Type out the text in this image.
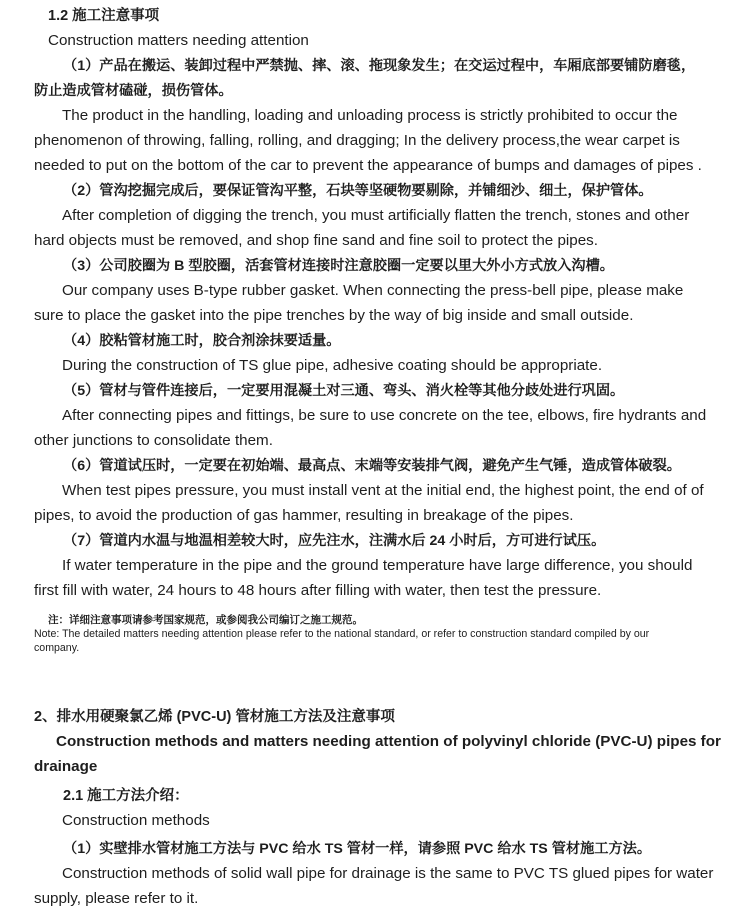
1.2 施工注意事项
Construction matters needing attention
（1）产品在搬运、装卸过程中严禁抛、摔、滚、拖现象发生；在交运过程中，车厢底部要铺防磨毯，
防止造成管材磕碰，损伤管体。
The product in the handling, loading and unloading process is strictly prohibited to occur the
phenomenon of throwing, falling, rolling, and dragging; In the delivery process,the wear carpet is
needed to put on the bottom of the car to prevent the appearance of bumps and damages of pipes .
（2）管沟挖掘完成后，要保证管沟平整，石块等坚硬物要剔除，并铺细沙、细土，保护管体。
After completion of digging the trench, you must artificially flatten the trench, stones and other
hard objects must be removed, and shop fine sand and fine soil to protect the pipes.
（3）公司胶圈为 B 型胶圈，活套管材连接时注意胶圈一定要以里大外小方式放入沟槽。
Our company uses B-type rubber gasket. When connecting the press-bell pipe, please make
sure to place the gasket into the pipe trenches by the way of big inside and small outside.
（4）胶粘管材施工时，胶合剂涂抹要适量。
During the construction of TS glue pipe, adhesive coating should be appropriate.
（5）管材与管件连接后，一定要用混凝土对三通、弯头、消火栓等其他分歧处进行巩固。
After connecting pipes and fittings, be sure to use concrete on the tee, elbows, fire hydrants and
other junctions to consolidate them.
（6）管道试压时，一定要在初始端、最高点、末端等安装排气阀，避免产生气锤，造成管体破裂。
When test pipes pressure, you must install vent at the initial end, the highest point, the end of of
pipes, to avoid the production of gas hammer, resulting in breakage of the pipes.
（7）管道内水温与地温相差较大时，应先注水，注满水后 24 小时后，方可进行试压。
If water temperature in the pipe and the ground temperature have large difference, you should
first fill with water, 24 hours to 48 hours after filling with water, then test the pressure.
注：详细注意事项请参考国家规范，或参阅我公司编订之施工规范。
Note: The detailed matters needing attention please refer to the national standard, or refer to construction standard compiled by our
company.
2、排水用硬聚氯乙烯 (PVC-U) 管材施工方法及注意事项
Construction methods and matters needing attention of polyvinyl chloride (PVC-U) pipes for
drainage
2.1 施工方法介绍：
Construction methods
（1）实壁排水管材施工方法与 PVC 给水 TS 管材一样，请参照 PVC 给水 TS 管材施工方法。
Construction methods of solid wall pipe for drainage is the same to PVC TS glued pipes for water
supply, please refer to it.
